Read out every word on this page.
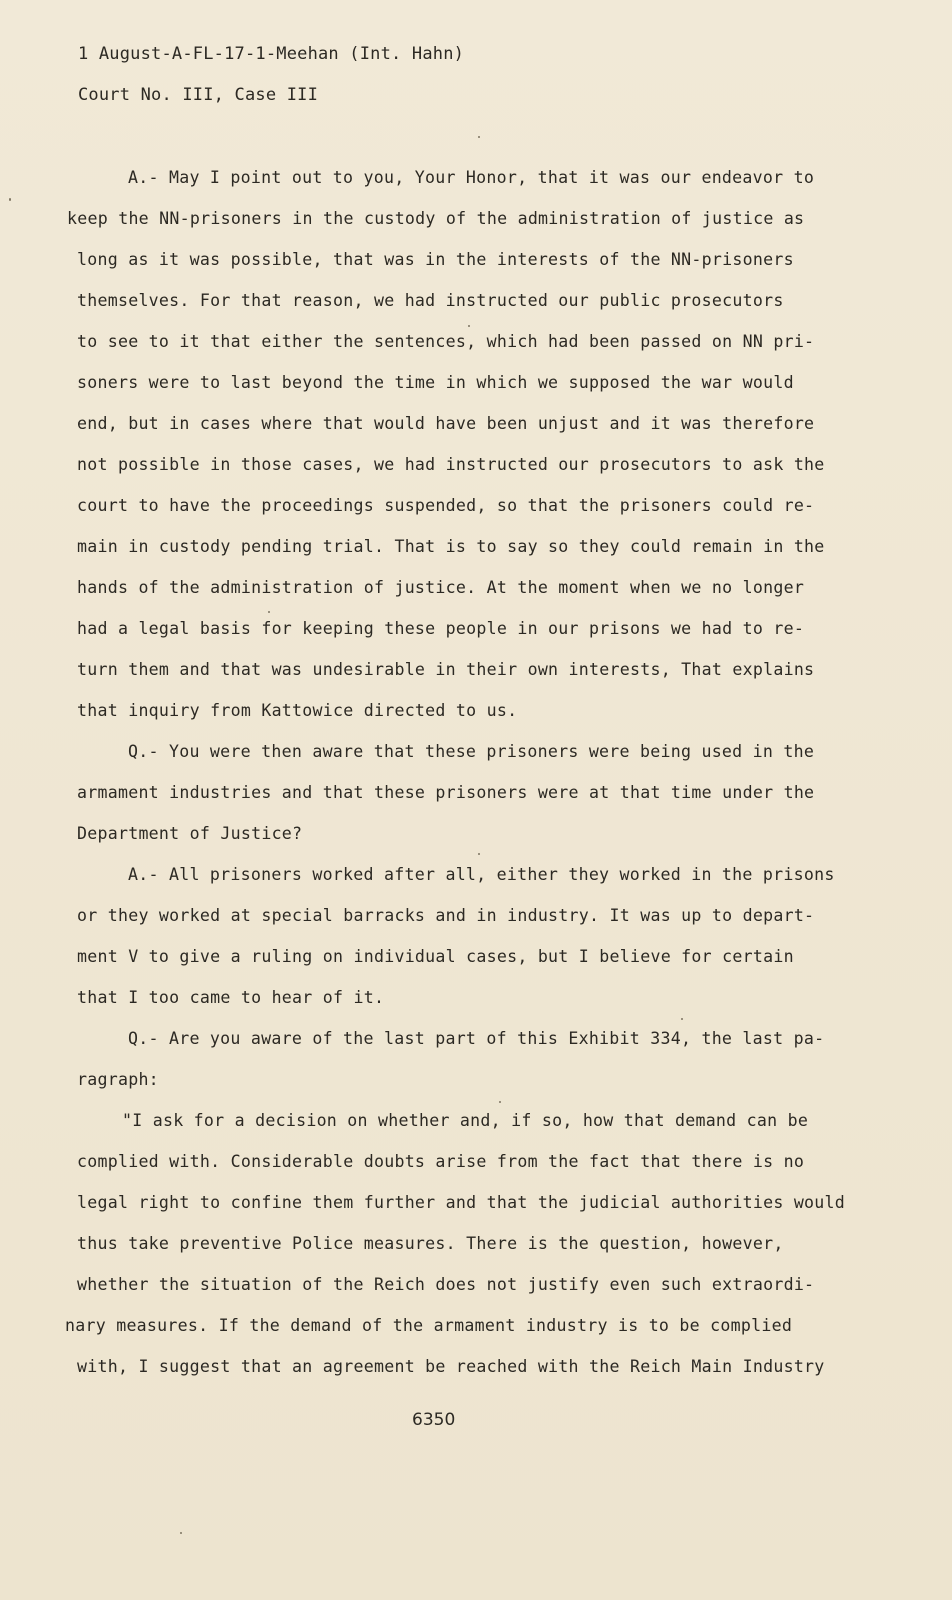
1 August-A-FL-17-1-Meehan (Int. Hahn)
Court No. III, Case III
A.- May I point out to you, Your Honor, that it was our endeavor to
keep the NN-prisoners in the custody of the administration of justice as
long as it was possible, that was in the interests of the NN-prisoners
themselves. For that reason, we had instructed our public prosecutors
to see to it that either the sentences, which had been passed on NN pri-
soners were to last beyond the time in which we supposed the war would
end, but in cases where that would have been unjust and it was therefore
not possible in those cases, we had instructed our prosecutors to ask the
court to have the proceedings suspended, so that the prisoners could re-
main in custody pending trial. That is to say so they could remain in the
hands of the administration of justice. At the moment when we no longer
had a legal basis for keeping these people in our prisons we had to re-
turn them and that was undesirable in their own interests, That explains
that inquiry from Kattowice directed to us.
Q.- You were then aware that these prisoners were being used in the
armament industries and that these prisoners were at that time under the
Department of Justice?
A.- All prisoners worked after all, either they worked in the prisons
or they worked at special barracks and in industry. It was up to depart-
ment V to give a ruling on individual cases, but I believe for certain
that I too came to hear of it.
Q.- Are you aware of the last part of this Exhibit 334, the last pa-
ragraph:
"I ask for a decision on whether and, if so, how that demand can be
complied with. Considerable doubts arise from the fact that there is no
legal right to confine them further and that the judicial authorities would
thus take preventive Police measures. There is the question, however,
whether the situation of the Reich does not justify even such extraordi-
nary measures. If the demand of the armament industry is to be complied
with, I suggest that an agreement be reached with the Reich Main Industry
6350
